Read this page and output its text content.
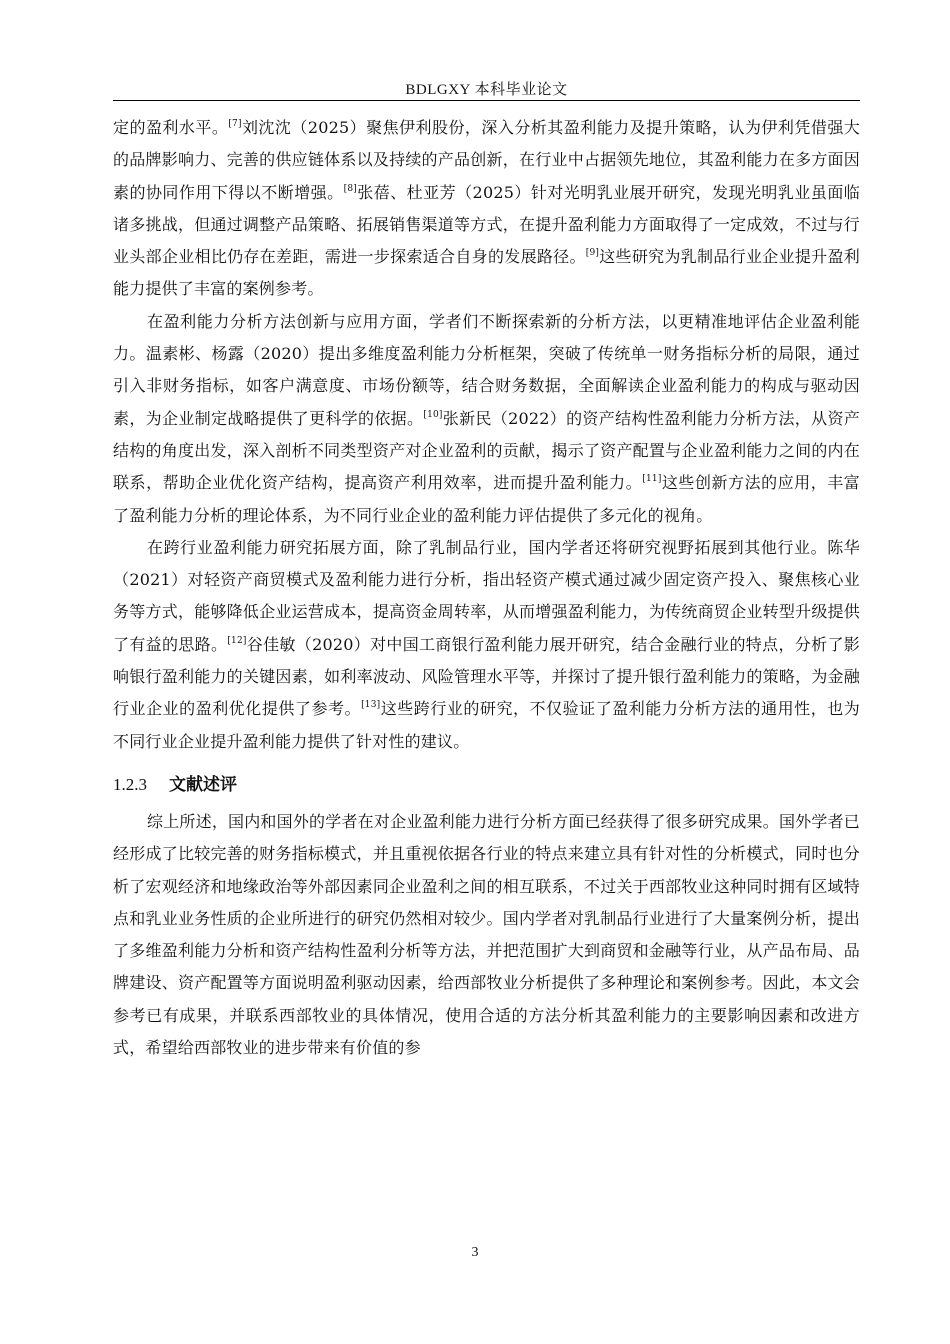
BDLGXY 本科毕业论文

定的盈利水平。[7]刘沈沈（2025）聚焦伊利股份，深入分析其盈利能力及提升策略，认为伊利凭借强大的品牌影响力、完善的供应链体系以及持续的产品创新，在行业中占据领先地位，其盈利能力在多方面因素的协同作用下得以不断增强。[8]张蓓、杜亚芳（2025）针对光明乳业展开研究，发现光明乳业虽面临诸多挑战，但通过调整产品策略、拓展销售渠道等方式，在提升盈利能力方面取得了一定成效，不过与行业头部企业相比仍存在差距，需进一步探索适合自身的发展路径。[9]这些研究为乳制品行业企业提升盈利能力提供了丰富的案例参考。

在盈利能力分析方法创新与应用方面，学者们不断探索新的分析方法，以更精准地评估企业盈利能力。温素彬、杨露（2020）提出多维度盈利能力分析框架，突破了传统单一财务指标分析的局限，通过引入非财务指标，如客户满意度、市场份额等，结合财务数据，全面解读企业盈利能力的构成与驱动因素，为企业制定战略提供了更科学的依据。[10]张新民（2022）的资产结构性盈利能力分析方法，从资产结构的角度出发，深入剖析不同类型资产对企业盈利的贡献，揭示了资产配置与企业盈利能力之间的内在联系，帮助企业优化资产结构，提高资产利用效率，进而提升盈利能力。[11]这些创新方法的应用，丰富了盈利能力分析的理论体系，为不同行业企业的盈利能力评估提供了多元化的视角。

在跨行业盈利能力研究拓展方面，除了乳制品行业，国内学者还将研究视野拓展到其他行业。陈华（2021）对轻资产商贸模式及盈利能力进行分析，指出轻资产模式通过减少固定资产投入、聚焦核心业务等方式，能够降低企业运营成本，提高资金周转率，从而增强盈利能力，为传统商贸企业转型升级提供了有益的思路。[12]谷佳敏（2020）对中国工商银行盈利能力展开研究，结合金融行业的特点，分析了影响银行盈利能力的关键因素，如利率波动、风险管理水平等，并探讨了提升银行盈利能力的策略，为金融行业企业的盈利优化提供了参考。[13]这些跨行业的研究，不仅验证了盈利能力分析方法的通用性，也为不同行业企业提升盈利能力提供了针对性的建议。

1.2.3 文献述评

综上所述，国内和国外的学者在对企业盈利能力进行分析方面已经获得了很多研究成果。国外学者已经形成了比较完善的财务指标模式，并且重视依据各行业的特点来建立具有针对性的分析模式，同时也分析了宏观经济和地缘政治等外部因素同企业盈利之间的相互联系，不过关于西部牧业这种同时拥有区域特点和乳业业务性质的企业所进行的研究仍然相对较少。国内学者对乳制品行业进行了大量案例分析，提出了多维盈利能力分析和资产结构性盈利分析等方法，并把范围扩大到商贸和金融等行业，从产品布局、品牌建设、资产配置等方面说明盈利驱动因素，给西部牧业分析提供了多种理论和案例参考。因此，本文会参考已有成果，并联系西部牧业的具体情况，使用合适的方法分析其盈利能力的主要影响因素和改进方式，希望给西部牧业的进步带来有价值的参

3
